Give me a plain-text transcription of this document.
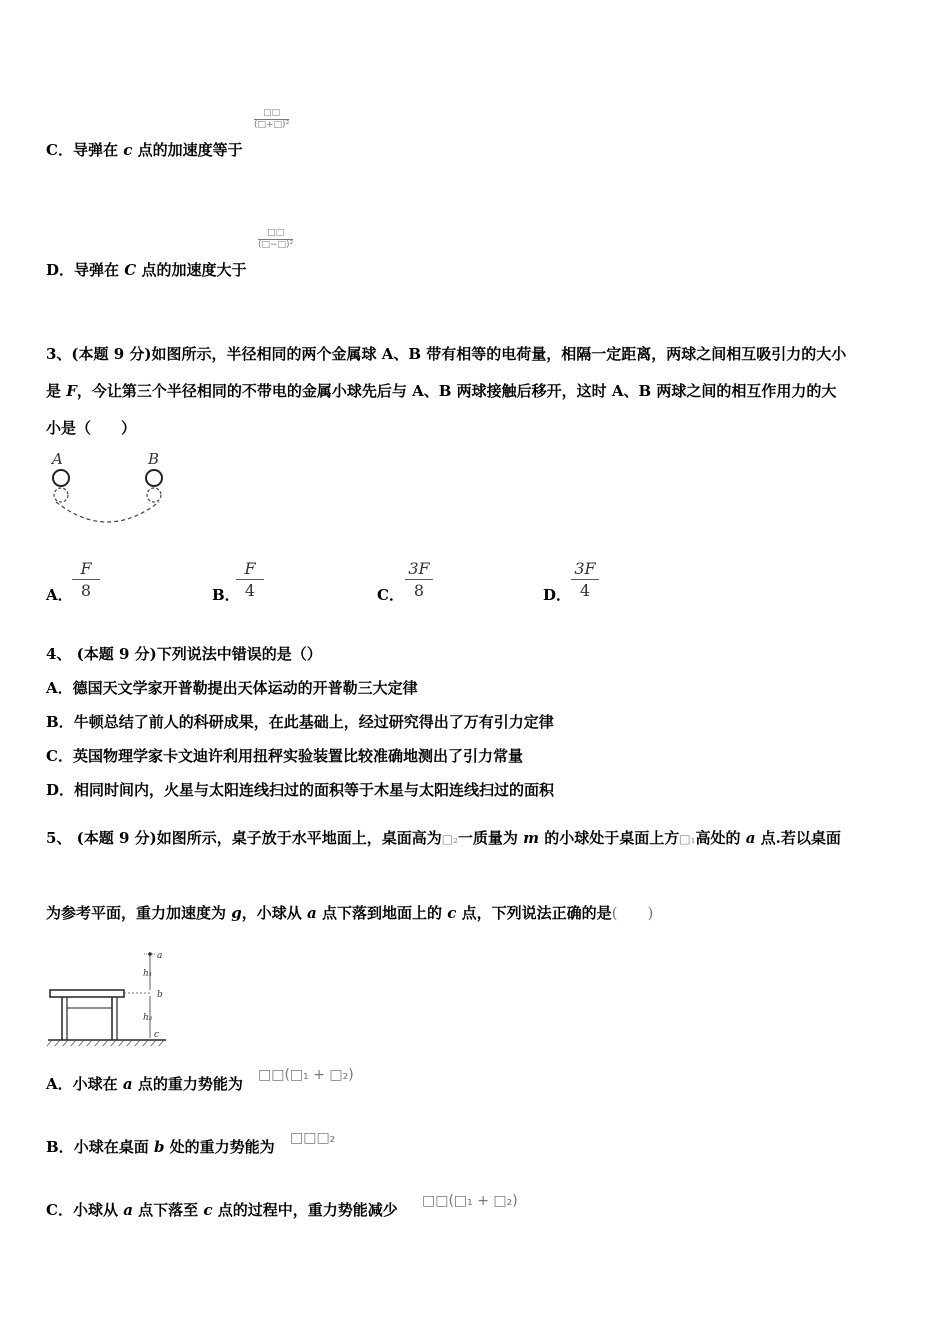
C．导弹在 c 点的加速度等于
□□
(□+□)²
D．导弹在 C 点的加速度大于
□□
(□−□)²
3、(本题 9 分)如图所示，半径相同的两个金属球 A、B 带有相等的电荷量，相隔一定距离，两球之间相互吸引力的大小
是 F，今让第三个半径相同的不带电的金属小球先后与 A、B 两球接触后移开，这时 A、B 两球之间的相互作用力的大
小是（　　）
A	B
A． $\frac{F}{8}$	B．
$\frac{F}{4}$	C． $\frac{3F}{8}$	D． $\frac{3F}{4}$
4、 (本题 9 分)下列说法中错误的是（）
A．德国天文学家开普勒提出天体运动的开普勒三大定律
B．牛顿总结了前人的科研成果，在此基础上，经过研究得出了万有引力定律
C．英国物理学家卡文迪许利用扭秤实验装置比较准确地测出了引力常量
D．相同时间内，火星与太阳连线扫过的面积等于木星与太阳连线扫过的面积
5、 (本题 9 分)如图所示，桌子放于水平地面上，桌面高为□₂一质量为 m 的小球处于桌面上方□₁高处的 a 点.若以桌面
为参考平面，重力加速度为 g，小球从 a 点下落到地面上的 c 点，下列说法正确的是(　　)
a
h₁
b
h₂
c
A．小球在 a 点的重力势能为 □□(□₁ + □₂)
B．小球在桌面 b 处的重力势能为 □□□₂
C．小球从 a 点下落至 c 点的过程中，重力势能减少 □□(□₁ + □₂)
